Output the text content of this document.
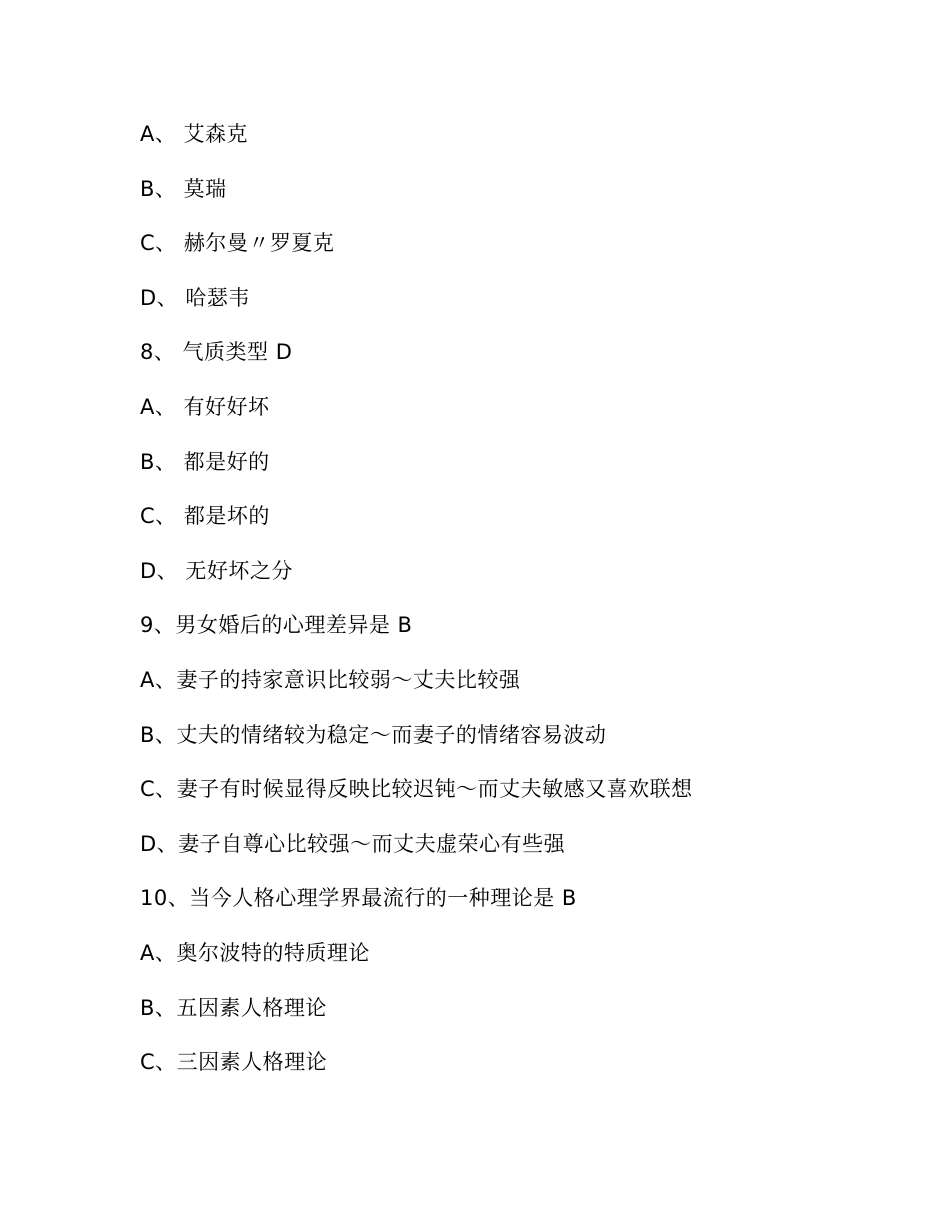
A、 艾森克
B、 莫瑞
C、 赫尔曼〃罗夏克
D、 哈瑟韦
8、 气质类型 D
A、 有好好坏
B、 都是好的
C、 都是坏的
D、 无好坏之分
9、男女婚后的心理差异是 B
A、妻子的持家意识比较弱～丈夫比较强
B、丈夫的情绪较为稳定～而妻子的情绪容易波动
C、妻子有时候显得反映比较迟钝～而丈夫敏感又喜欢联想
D、妻子自尊心比较强～而丈夫虚荣心有些强
10、当今人格心理学界最流行的一种理论是 B
A、奥尔波特的特质理论
B、五因素人格理论
C、三因素人格理论
